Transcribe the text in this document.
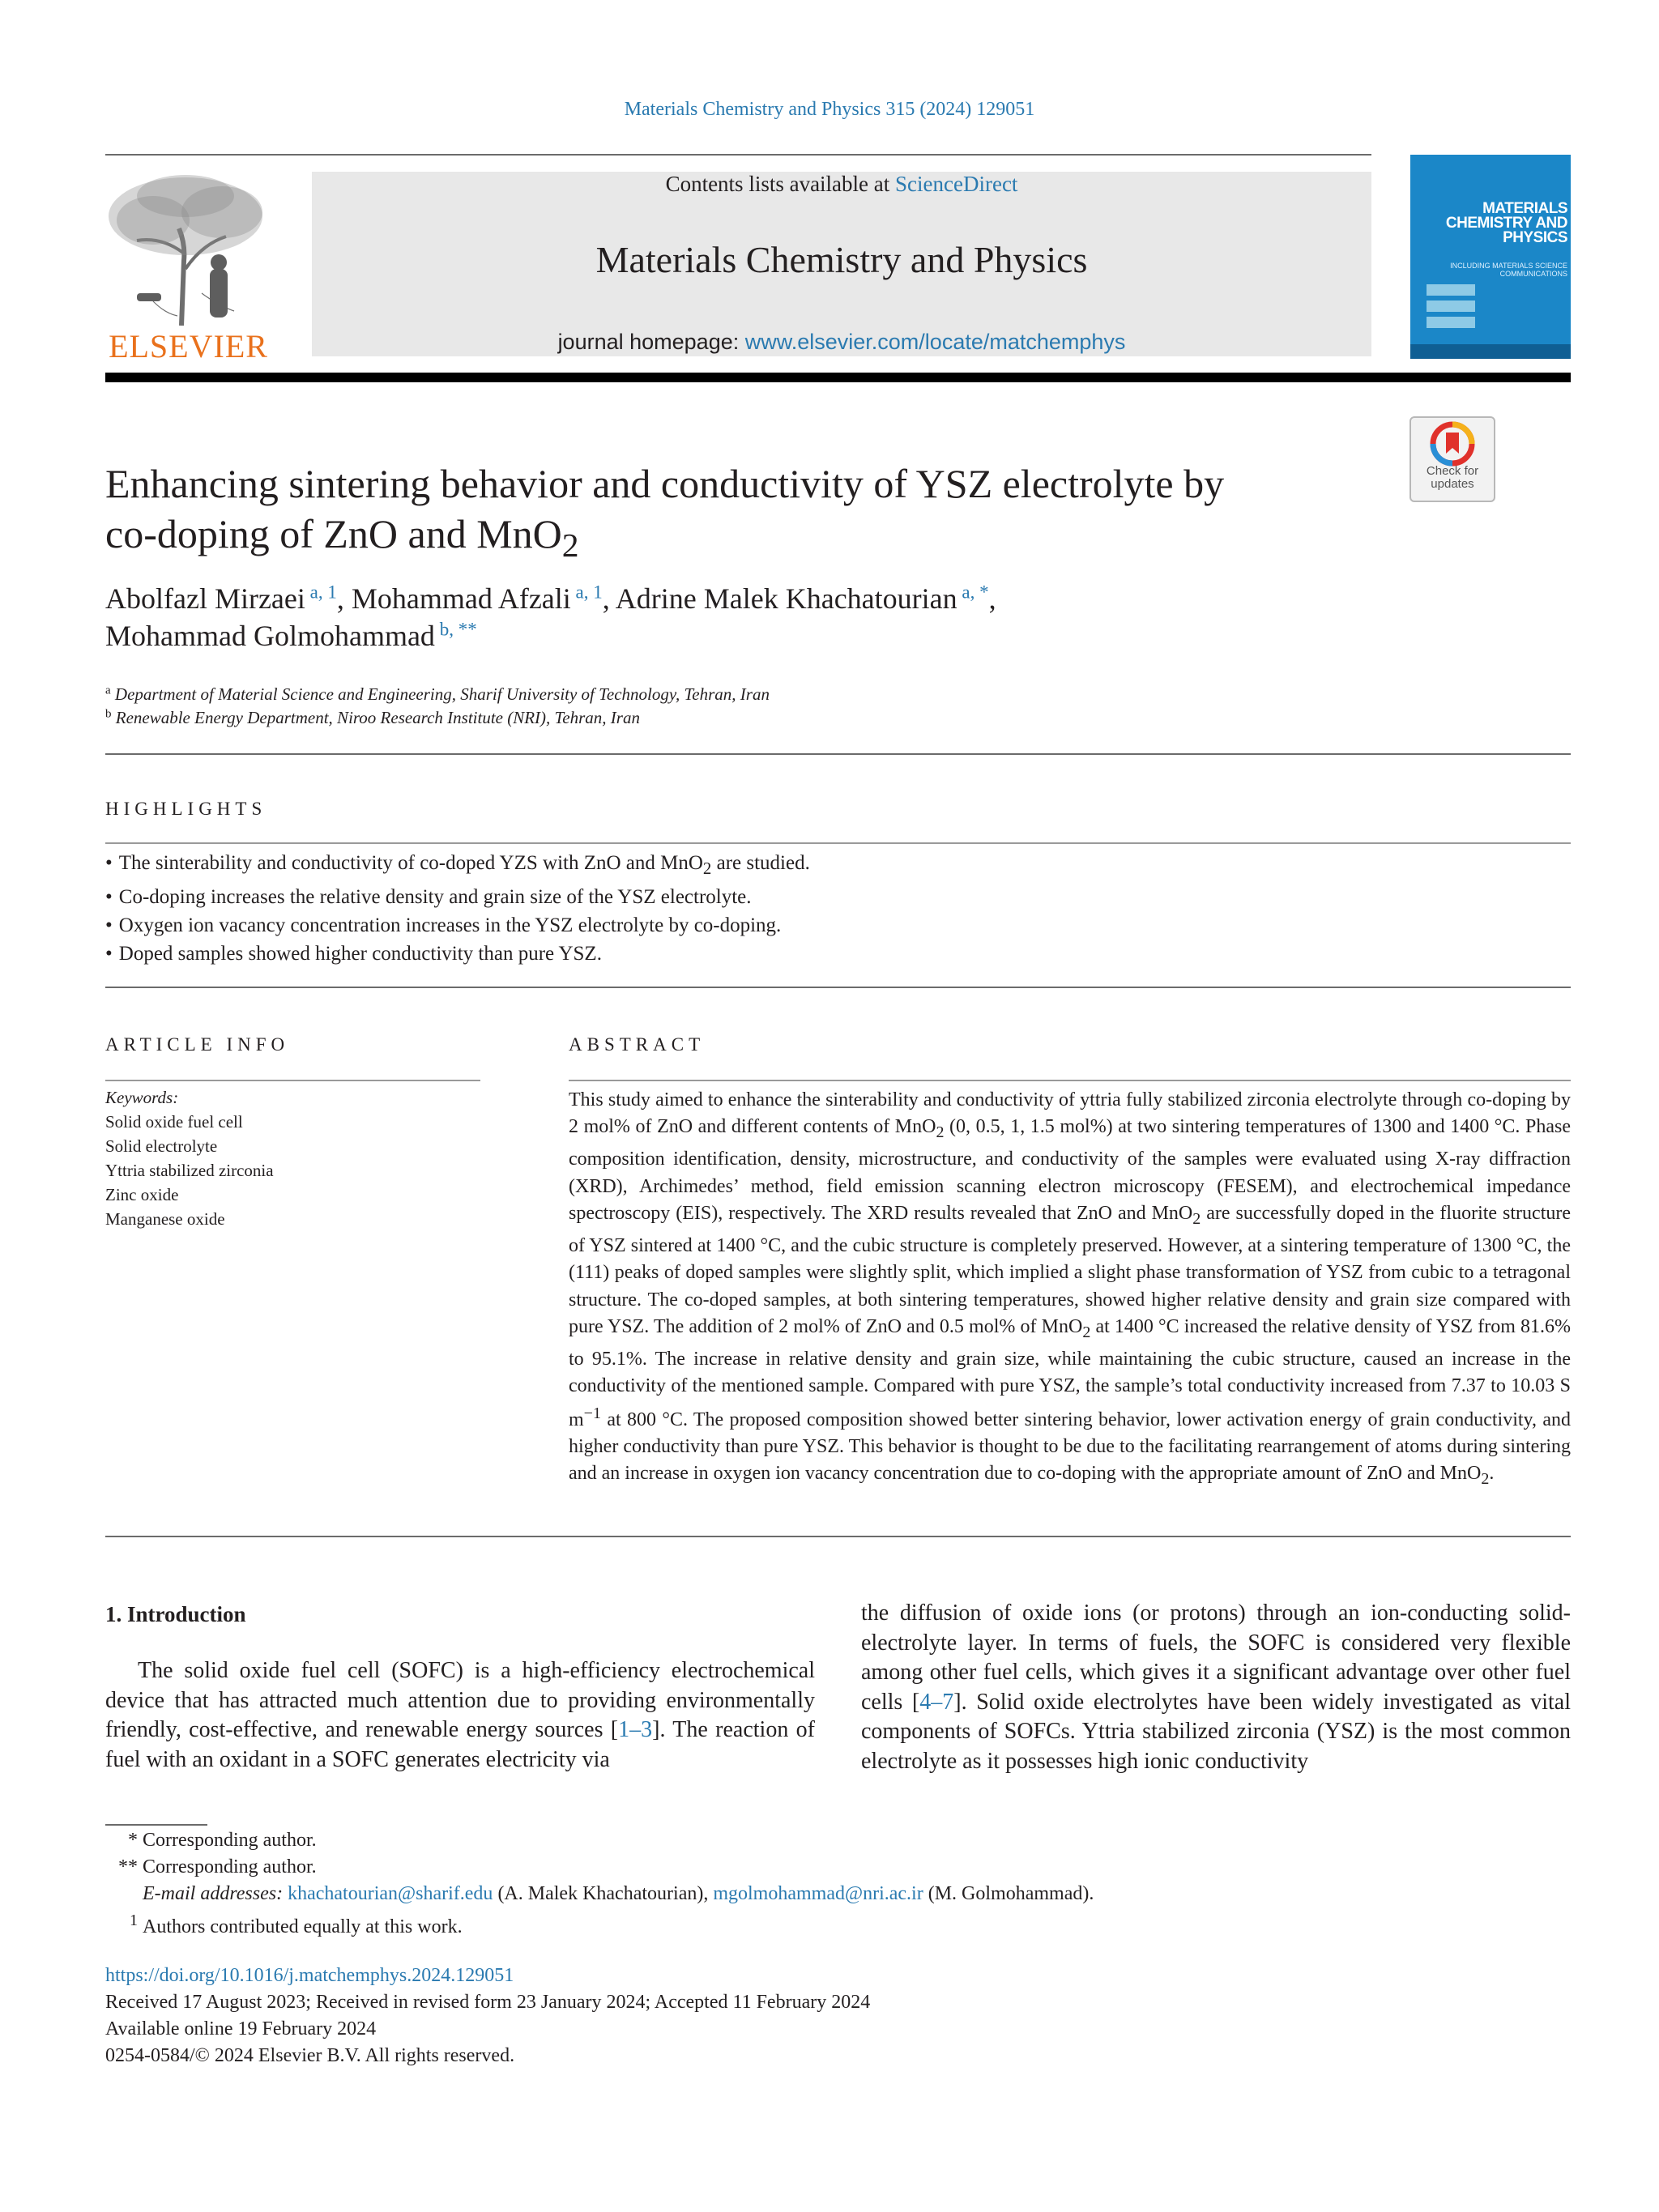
Materials Chemistry and Physics 315 (2024) 129051
ELSEVIER
Contents lists available at ScienceDirect
Materials Chemistry and Physics
journal homepage: www.elsevier.com/locate/matchemphys
MATERIALS CHEMISTRY AND PHYSICS
INCLUDING MATERIALS SCIENCE COMMUNICATIONS
Check for
updates
Enhancing sintering behavior and conductivity of YSZ electrolyte by
co-doping of ZnO and MnO$_2$
Abolfazl Mirzaei $^{a, 1}$, Mohammad Afzali $^{a, 1}$, Adrine Malek Khachatourian $^{a, *}$,
Mohammad Golmohammad $^{b, **}$
$^a$ Department of Material Science and Engineering, Sharif University of Technology, Tehran, Iran
$^b$ Renewable Energy Department, Niroo Research Institute (NRI), Tehran, Iran
HIGHLIGHTS
• The sinterability and conductivity of co-doped YZS with ZnO and MnO$_2$ are studied.
• Co-doping increases the relative density and grain size of the YSZ electrolyte.
• Oxygen ion vacancy concentration increases in the YSZ electrolyte by co-doping.
• Doped samples showed higher conductivity than pure YSZ.
ARTICLE INFO
Keywords:
Solid oxide fuel cell
Solid electrolyte
Yttria stabilized zirconia
Zinc oxide
Manganese oxide
ABSTRACT

This study aimed to enhance the sinterability and conductivity of yttria fully stabilized zirconia electrolyte through co-doping by 2 mol% of ZnO and different contents of MnO$_2$ (0, 0.5, 1, 1.5 mol%) at two sintering temperatures of 1300 and 1400 °C. Phase composition identification, density, microstructure, and conductivity of the samples were evaluated using X-ray diffraction (XRD), Archimedes’ method, field emission scanning electron microscopy (FESEM), and electrochemical impedance spectroscopy (EIS), respectively. The XRD results revealed that ZnO and MnO$_2$ are successfully doped in the fluorite structure of YSZ sintered at 1400 °C, and the cubic structure is completely preserved. However, at a sintering temperature of 1300 °C, the (111) peaks of doped samples were slightly split, which implied a slight phase transformation of YSZ from cubic to a tetragonal structure. The co-doped samples, at both sintering temperatures, showed higher relative density and grain size compared with pure YSZ. The addition of 2 mol% of ZnO and 0.5 mol% of MnO$_2$ at 1400 °C increased the relative density of YSZ from 81.6% to 95.1%. The increase in relative density and grain size, while maintaining the cubic structure, caused an increase in the conductivity of the mentioned sample. Compared with pure YSZ, the sample’s total conductivity increased from 7.37 to 10.03 S $m^{-1}$ at 800 °C. The proposed composition showed better sintering behavior, lower activation energy of grain conductivity, and higher conductivity than pure YSZ. This behavior is thought to be due to the facilitating rearrangement of atoms during sintering and an increase in oxygen ion vacancy concentration due to co-doping with the appropriate amount of ZnO and MnO$_2$.

1. Introduction

The solid oxide fuel cell (SOFC) is a high-efficiency electrochemical device that has attracted much attention due to providing environmentally friendly, cost-effective, and renewable energy sources [1–3]. The reaction of fuel with an oxidant in a SOFC generates electricity via

the diffusion of oxide ions (or protons) through an ion-conducting solid-electrolyte layer. In terms of fuels, the SOFC is considered very flexible among other fuel cells, which gives it a significant advantage over other fuel cells [4–7]. Solid oxide electrolytes have been widely investigated as vital components of SOFCs. Yttria stabilized zirconia (YSZ) is the most common electrolyte as it possesses high ionic conductivity

* Corresponding author.
** Corresponding author.
E-mail addresses: khachatourian@sharif.edu (A. Malek Khachatourian), mgolmohammad@nri.ac.ir (M. Golmohammad).
$^1$ Authors contributed equally at this work.
https://doi.org/10.1016/j.matchemphys.2024.129051
Received 17 August 2023; Received in revised form 23 January 2024; Accepted 11 February 2024
Available online 19 February 2024
0254-0584/© 2024 Elsevier B.V. All rights reserved.
